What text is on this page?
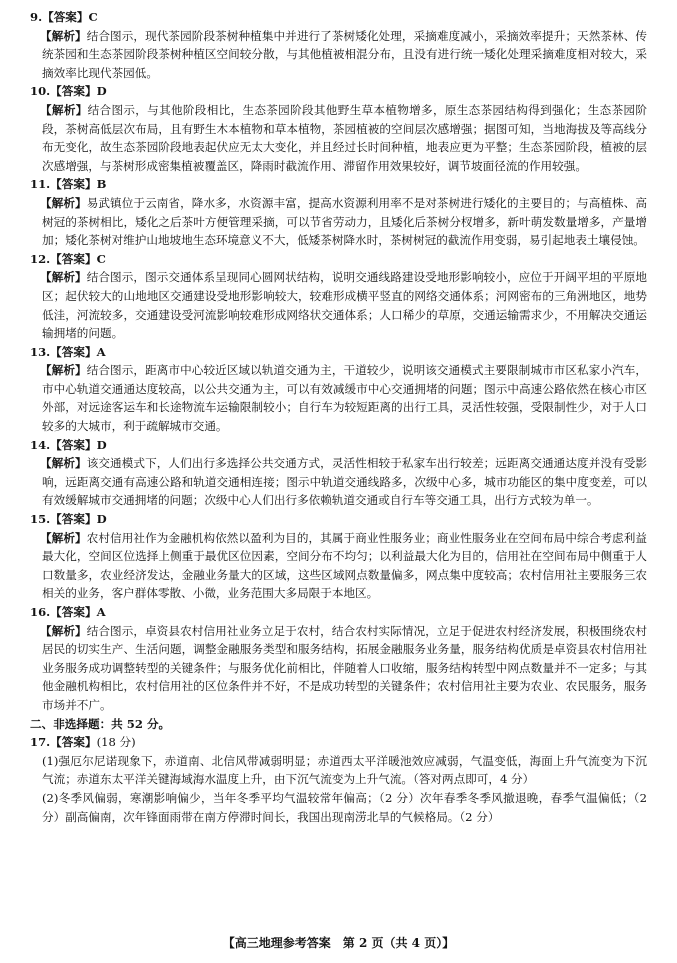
9.【答案】C

【解析】结合图示，现代茶园阶段茶树种植集中并进行了茶树矮化处理，采摘难度减小，采摘效率提升；天然茶林、传统茶园和生态茶园阶段茶树种植区空间较分散，与其他植被相混分布，且没有进行统一矮化处理采摘难度相对较大，采摘效率比现代茶园低。

10.【答案】D

【解析】结合图示，与其他阶段相比，生态茶园阶段其他野生草本植物增多，原生态茶园结构得到强化；生态茶园阶段，茶树高低层次布局，且有野生木本植物和草本植物，茶园植被的空间层次感增强；据图可知，当地海拔及等高线分布无变化，故生态茶园阶段地表起伏应无太大变化，并且经过长时间种植，地表应更为平整；生态茶园阶段，植被的层次感增强，与茶树形成密集植被覆盖区，降雨时截流作用、滞留作用效果较好，调节坡面径流的作用较强。

11.【答案】B

【解析】易武镇位于云南省，降水多，水资源丰富，提高水资源利用率不是对茶树进行矮化的主要目的；与高植株、高树冠的茶树相比，矮化之后茶叶方便管理采摘，可以节省劳动力，且矮化后茶树分杈增多，新叶萌发数量增多，产量增加；矮化茶树对维护山地坡地生态环境意义不大，低矮茶树降水时，茶树树冠的截流作用变弱，易引起地表土壤侵蚀。

12.【答案】C

【解析】结合图示，图示交通体系呈现同心圆网状结构，说明交通线路建设受地形影响较小，应位于开阔平坦的平原地区；起伏较大的山地地区交通建设受地形影响较大，较难形成横平竖直的网络交通体系；河网密布的三角洲地区，地势低洼，河流较多，交通建设受河流影响较难形成网络状交通体系；人口稀少的草原，交通运输需求少，不用解决交通运输拥堵的问题。

13.【答案】A

【解析】结合图示，距离市中心较近区域以轨道交通为主，干道较少，说明该交通模式主要限制城市市区私家小汽车，市中心轨道交通通达度较高，以公共交通为主，可以有效减缓市中心交通拥堵的问题；图示中高速公路依然在核心市区外部，对远途客运车和长途物流车运输限制较小；自行车为较短距离的出行工具，灵活性较强，受限制性少，对于人口较多的大城市，利于疏解城市交通。

14.【答案】D

【解析】该交通模式下，人们出行多选择公共交通方式，灵活性相较于私家车出行较差；远距离交通通达度并没有受影响，远距离交通有高速公路和轨道交通相连接；图示中轨道交通线路多，次级中心多，城市功能区的集中度变差，可以有效缓解城市交通拥堵的问题；次级中心人们出行多依赖轨道交通或自行车等交通工具，出行方式较为单一。

15.【答案】D

【解析】农村信用社作为金融机构依然以盈利为目的，其属于商业性服务业；商业性服务业在空间布局中综合考虑利益最大化，空间区位选择上侧重于最优区位因素，空间分布不均匀；以利益最大化为目的，信用社在空间布局中侧重于人口数量多，农业经济发达，金融业务量大的区域，这些区域网点数量偏多，网点集中度较高；农村信用社主要服务三农相关的业务，客户群体零散、小微，业务范围大多局限于本地区。

16.【答案】A

【解析】结合图示，卓资县农村信用社业务立足于农村，结合农村实际情况，立足于促进农村经济发展，积极围绕农村居民的切实生产、生活问题，调整金融服务类型和服务结构，拓展金融服务业务量，服务结构优质是卓资县农村信用社业务服务成功调整转型的关键条件；与服务优化前相比，伴随着人口收缩，服务结构转型中网点数量并不一定多；与其他金融机构相比，农村信用社的区位条件并不好，不是成功转型的关键条件；农村信用社主要为农业、农民服务，服务市场并不广。

二、非选择题：共 52 分。

17.【答案】(18 分)

(1)强厄尔尼诺现象下，赤道南、北信风带减弱明显；赤道西太平洋暖池效应减弱，气温变低，海面上升气流变为下沉气流；赤道东太平洋关键海域海水温度上升，由下沉气流变为上升气流。（答对两点即可，4 分）

(2)冬季风偏弱，寒潮影响偏少，当年冬季平均气温较常年偏高；（2 分）次年春季冬季风撤退晚，春季气温偏低；（2 分）副高偏南，次年锋面雨带在南方停滞时间长，我国出现南涝北旱的气候格局。（2 分）

【高三地理参考答案　第 2 页（共 4 页）】
